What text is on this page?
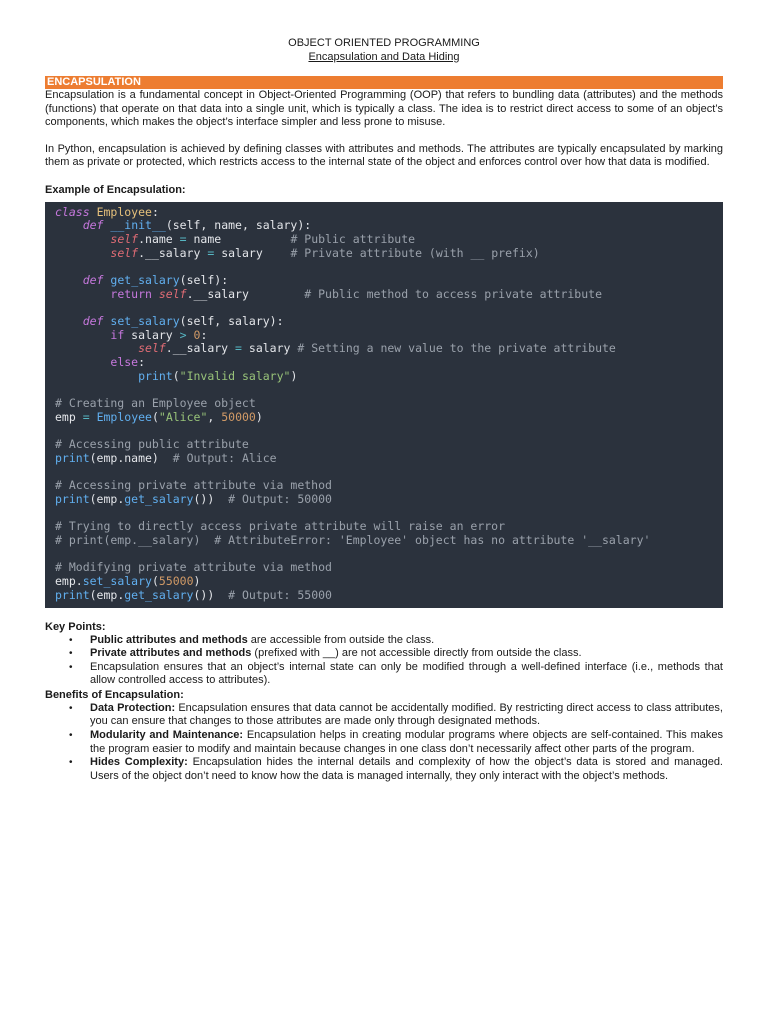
OBJECT ORIENTED PROGRAMMING
Encapsulation and Data Hiding
ENCAPSULATION

Encapsulation is a fundamental concept in Object-Oriented Programming (OOP) that refers to bundling data (attributes) and the methods (functions) that operate on that data into a single unit, which is typically a class. The idea is to restrict direct access to some of an object’s components, which makes the object’s interface simpler and less prone to misuse.

In Python, encapsulation is achieved by defining classes with attributes and methods. The attributes are typically encapsulated by marking them as private or protected, which restricts access to the internal state of the object and enforces control over how that data is modified.

Example of Encapsulation:
class Employee:
def __init__(self, name, salary):
self.name = name          # Public attribute
self.__salary = salary    # Private attribute (with __ prefix)

def get_salary(self):
return self.__salary        # Public method to access private attribute

def set_salary(self, salary):
if salary > 0:
self.__salary = salary # Setting a new value to the private attribute
else:
print("Invalid salary")

# Creating an Employee object
emp = Employee("Alice", 50000)

# Accessing public attribute
print(emp.name)  # Output: Alice

# Accessing private attribute via method
print(emp.get_salary())  # Output: 50000

# Trying to directly access private attribute will raise an error
# print(emp.__salary)  # AttributeError: 'Employee' object has no attribute '__salary'

# Modifying private attribute via method
emp.set_salary(55000)
print(emp.get_salary())  # Output: 55000
Key Points:
• Public attributes and methods are accessible from outside the class.
• Private attributes and methods (prefixed with __) are not accessible directly from outside the class.
• Encapsulation ensures that an object’s internal state can only be modified through a well-defined interface (i.e., methods that allow controlled access to attributes).
Benefits of Encapsulation:
• Data Protection: Encapsulation ensures that data cannot be accidentally modified. By restricting direct access to class attributes, you can ensure that changes to those attributes are made only through designated methods.
• Modularity and Maintenance: Encapsulation helps in creating modular programs where objects are self-contained. This makes the program easier to modify and maintain because changes in one class don’t necessarily affect other parts of the program.
• Hides Complexity: Encapsulation hides the internal details and complexity of how the object’s data is stored and managed. Users of the object don’t need to know how the data is managed internally, they only interact with the object’s methods.
